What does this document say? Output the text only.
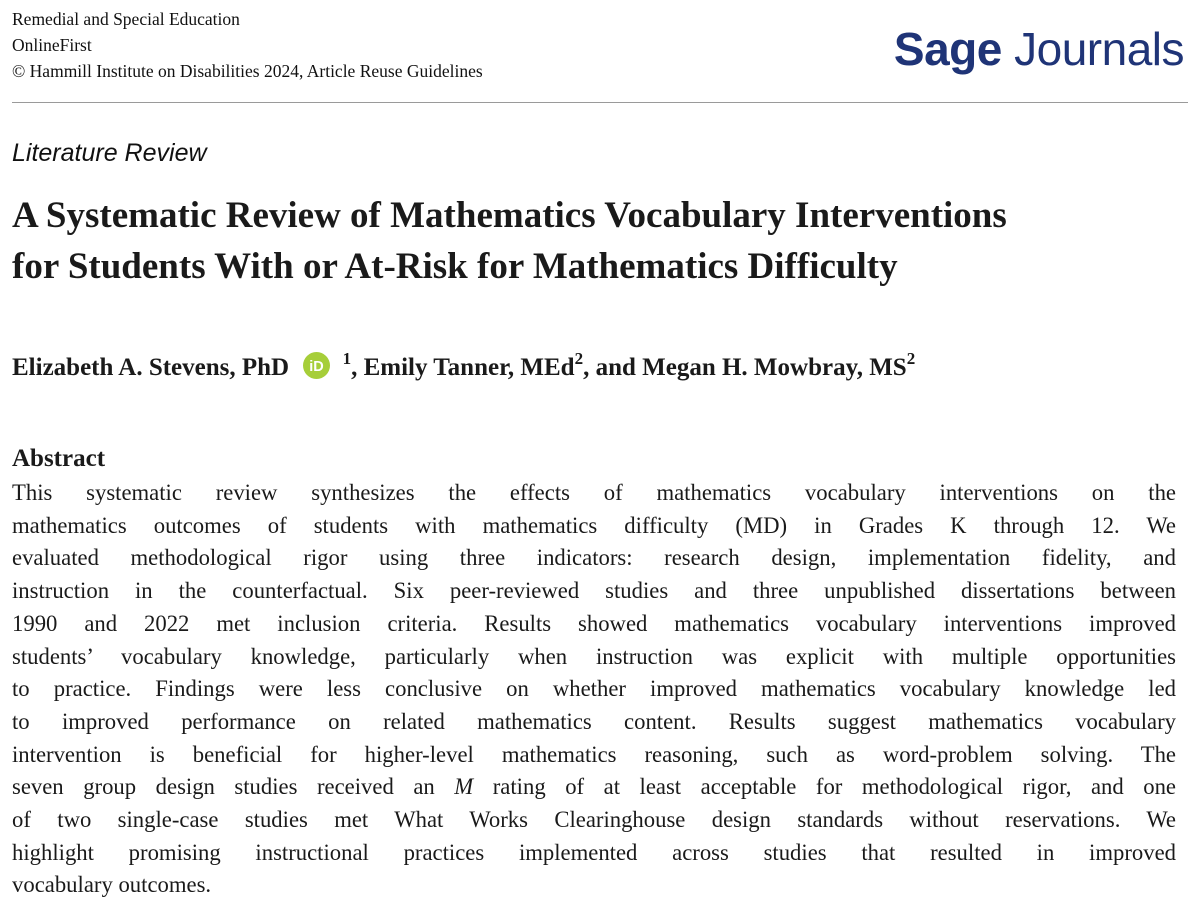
Remedial and Special Education
OnlineFirst
© Hammill Institute on Disabilities 2024, Article Reuse Guidelines	Sage Journals
Literature Review
A Systematic Review of Mathematics Vocabulary Interventions
for Students With or At-Risk for Mathematics Difficulty
Elizabeth A. Stevens, PhD iD $^1$, Emily Tanner, MEd$^2$, and Megan H. Mowbray, $MS^2$
Abstract
This systematic review synthesizes the effects of mathematics vocabulary interventions on the
mathematics outcomes of students with mathematics difficulty (MD) in Grades K through 12. We
evaluated methodological rigor using three indicators: research design, implementation fidelity, and
instruction in the counterfactual. Six peer-reviewed studies and three unpublished dissertations between
1990 and 2022 met inclusion criteria. Results showed mathematics vocabulary interventions improved
students’ vocabulary knowledge, particularly when instruction was explicit with multiple opportunities
to practice. Findings were less conclusive on whether improved mathematics vocabulary knowledge led
to improved performance on related mathematics content. Results suggest mathematics vocabulary
intervention is beneficial for higher-level mathematics reasoning, such as word-problem solving. The
seven group design studies received an M rating of at least acceptable for methodological rigor, and one
of two single-case studies met What Works Clearinghouse design standards without reservations. We
highlight promising instructional practices implemented across studies that resulted in improved
vocabulary outcomes.
